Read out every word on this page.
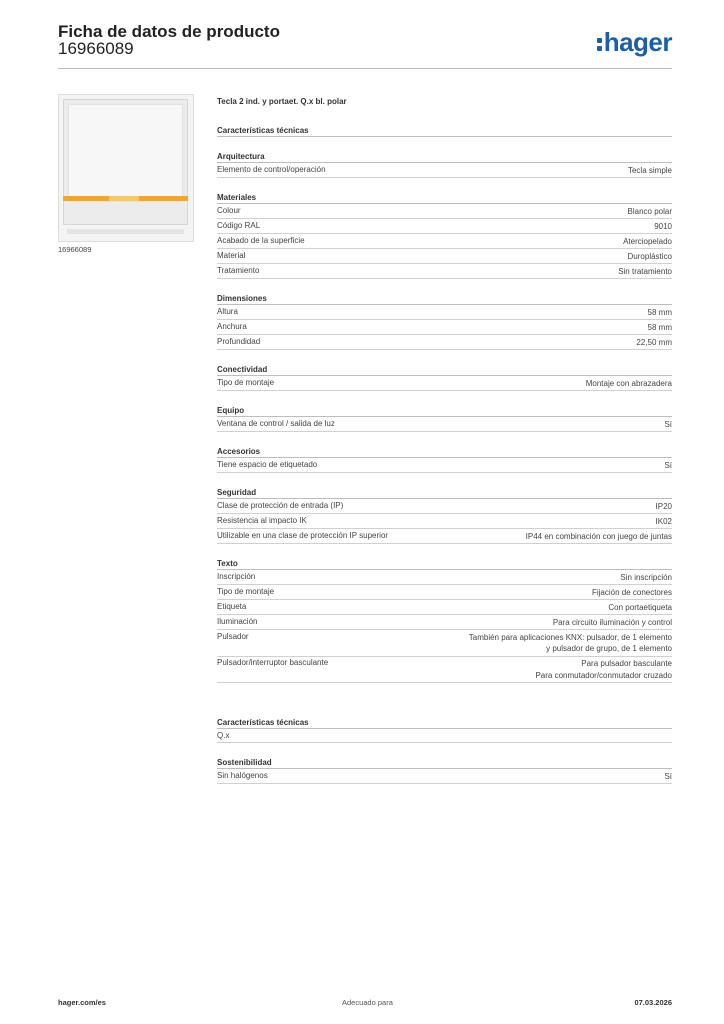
Ficha de datos de producto
16966089	hager
16966089
Tecla 2 ind. y portaet. Q.x bl. polar
Características técnicas
Arquitectura
Elemento de control/operación	Tecla simple
Materiales
Colour	Blanco polar
Código RAL	9010
Acabado de la superficie	Aterciopelado
Material	Duroplástico
Tratamiento	Sin tratamiento
Dimensiones
Altura	58 mm
Anchura	58 mm
Profundidad	22,50 mm
Conectividad
Tipo de montaje	Montaje con abrazadera
Equipo
Ventana de control / salida de luz	Sí
Accesorios
Tiene espacio de etiquetado	Sí
Seguridad
Clase de protección de entrada (IP)	IP20
Resistencia al impacto IK	IK02
Utilizable en una clase de protección IP superior	IP44 en combinación con juego de juntas
Texto
Inscripción	Sin inscripción
Tipo de montaje	Fijación de conectores
Etiqueta	Con portaetiqueta
Iluminación	Para circuito iluminación y control
Pulsador	También para aplicaciones KNX: pulsador, de 1 elemento
y pulsador de grupo, de 1 elemento
Pulsador/interruptor basculante	Para pulsador basculante
Para conmutador/conmutador cruzado
Características técnicas
Q.x
Sostenibilidad
Sin halógenos	Sí
hager.com/es	Adecuado para	07.03.2026
